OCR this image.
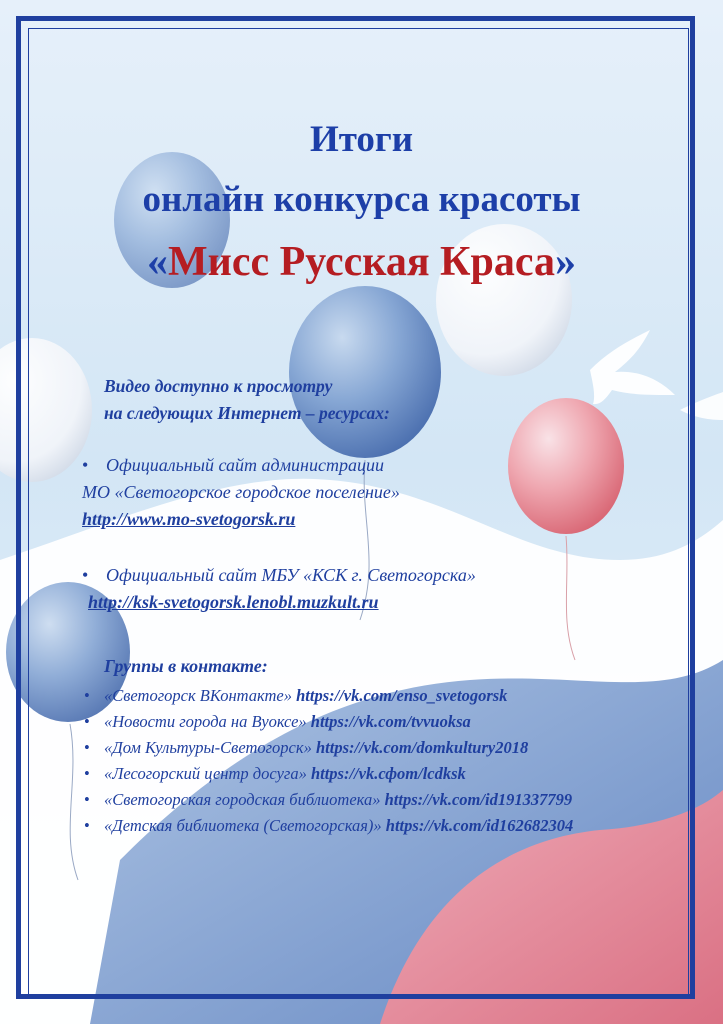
Итоги
онлайн конкурса красоты
«Мисс Русская Краса»
Видео доступно к просмотру
на следующих Интернет – ресурсах:
• Официальный сайт администрации
МО «Светогорское городское поселение»
http://www.mo-svetogorsk.ru
• Официальный сайт МБУ «КСК г. Светогорска»
http://ksk-svetogorsk.lenobl.muzkult.ru
Группы в контакте:
• «Светогорск ВКонтакте» https://vk.com/enso_svetogorsk
• «Новости города на Вуоксе» https://vk.com/tvvuoksa
• «Дом Культуры-Светогорск» https://vk.com/domkultury2018
• «Лесогорский центр досуга» https://vk.сфот/lcdksk
• «Светогорская городская библиотека» https://vk.com/id191337799
• «Детская библиотека (Светогорская)» https://vk.com/id162682304
